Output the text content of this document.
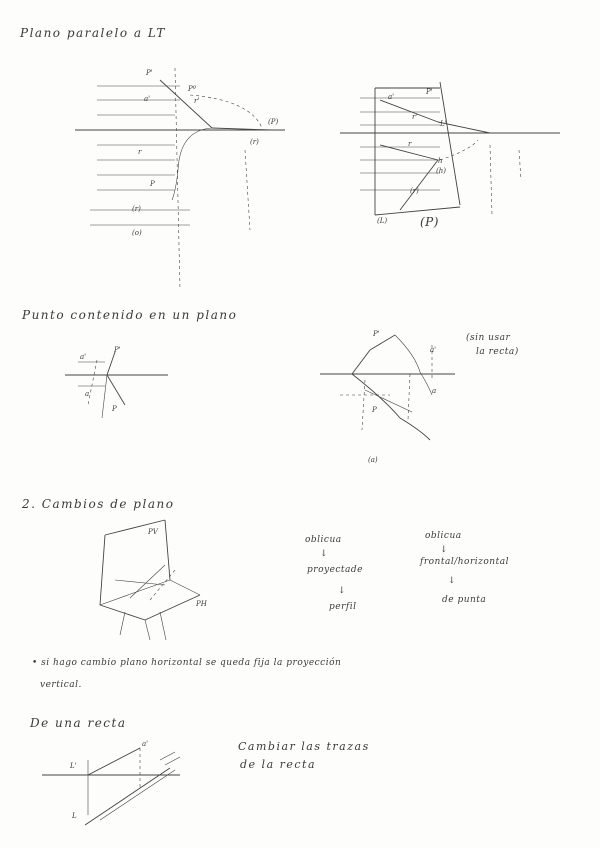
Plano paralelo a LT
P'
Pº
r'
a'
r
P
(r)
(r)
(o)
(P)
a'
r'
L'
P'
r
h
(h)
(r)
(L)	(P)
Punto contenido en un plano
a'
P'
a
P
P'
P
a'
a
(a)
(sin usar
la recta)
2. Cambios de plano
PV
PH
oblicua
↓
proyectade
↓
perfil
oblicua
↓
frontal/horizontal
↓
de punta
• si hago cambio plano horizontal se queda fija la proyección
vertical.
De una recta
L'
a'
L
Cambiar las trazas
de la recta
